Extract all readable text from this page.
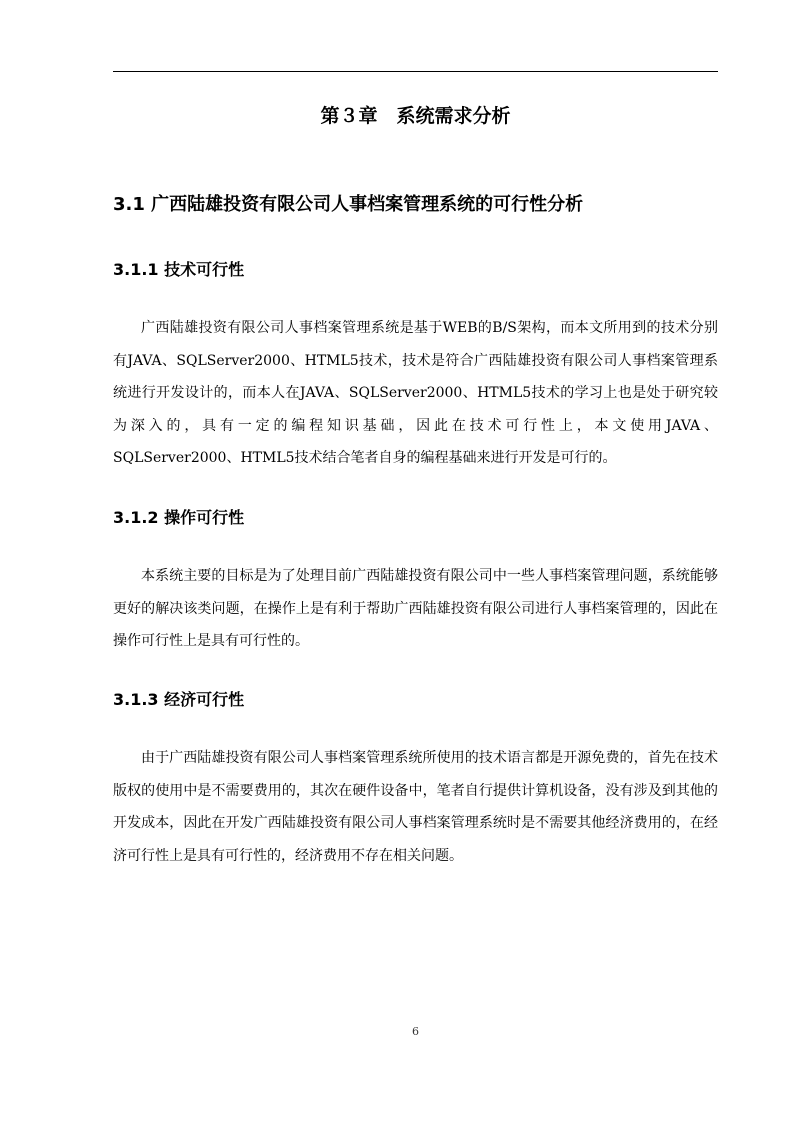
第３章　系统需求分析
3.1 广西陆雄投资有限公司人事档案管理系统的可行性分析
3.1.1 技术可行性

广西陆雄投资有限公司人事档案管理系统是基于WEB的B/S架构，而本文所用到的技术分别有JAVA、SQLServer2000、HTML5技术，技术是符合广西陆雄投资有限公司人事档案管理系统进行开发设计的，而本人在JAVA、SQLServer2000、HTML5技术的学习上也是处于研究较为深入的，具有一定的编程知识基础，因此在技术可行性上，本文使用JAVA、SQLServer2000、HTML5技术结合笔者自身的编程基础来进行开发是可行的。

3.1.2 操作可行性

本系统主要的目标是为了处理目前广西陆雄投资有限公司中一些人事档案管理问题，系统能够更好的解决该类问题，在操作上是有利于帮助广西陆雄投资有限公司进行人事档案管理的，因此在操作可行性上是具有可行性的。

3.1.3 经济可行性

由于广西陆雄投资有限公司人事档案管理系统所使用的技术语言都是开源免费的，首先在技术版权的使用中是不需要费用的，其次在硬件设备中，笔者自行提供计算机设备，没有涉及到其他的开发成本，因此在开发广西陆雄投资有限公司人事档案管理系统时是不需要其他经济费用的，在经济可行性上是具有可行性的，经济费用不存在相关问题。

6
